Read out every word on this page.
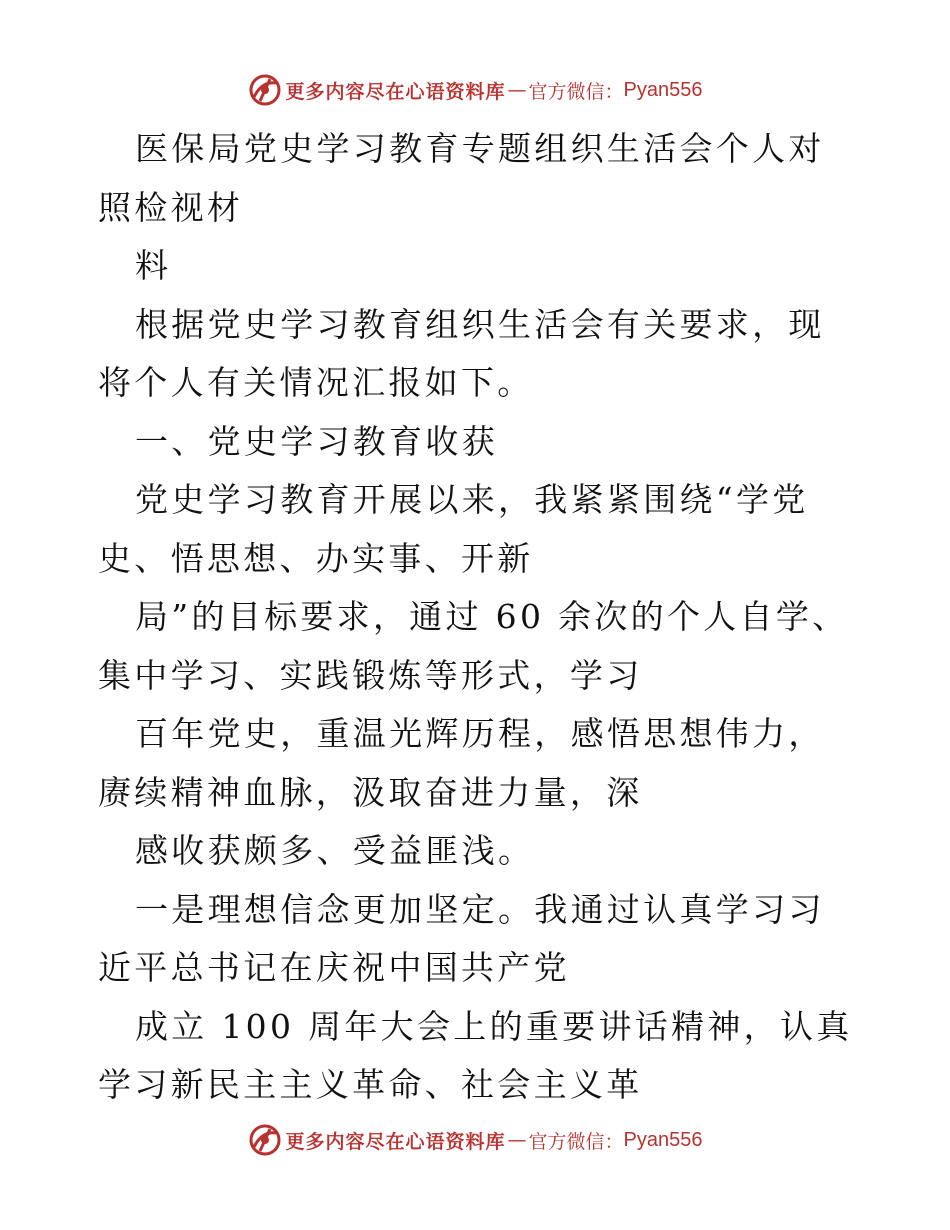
更多内容尽在心语资料库 — 官方微信： Pyan556

医保局党史学习教育专题组织生活会个人对照检视材

料

根据党史学习教育组织生活会有关要求，现将个人有关情况汇报如下。

一、党史学习教育收获

党史学习教育开展以来，我紧紧围绕“学党史、悟思想、办实事、开新

局”的目标要求，通过 60 余次的个人自学、集中学习、实践锻炼等形式，学习

百年党史，重温光辉历程，感悟思想伟力，赓续精神血脉，汲取奋进力量，深

感收获颇多、受益匪浅。

一是理想信念更加坚定。我通过认真学习习近平总书记在庆祝中国共产党

成立 100 周年大会上的重要讲话精神，认真学习新民主主义革命、社会主义革

更多内容尽在心语资料库 — 官方微信： Pyan556
